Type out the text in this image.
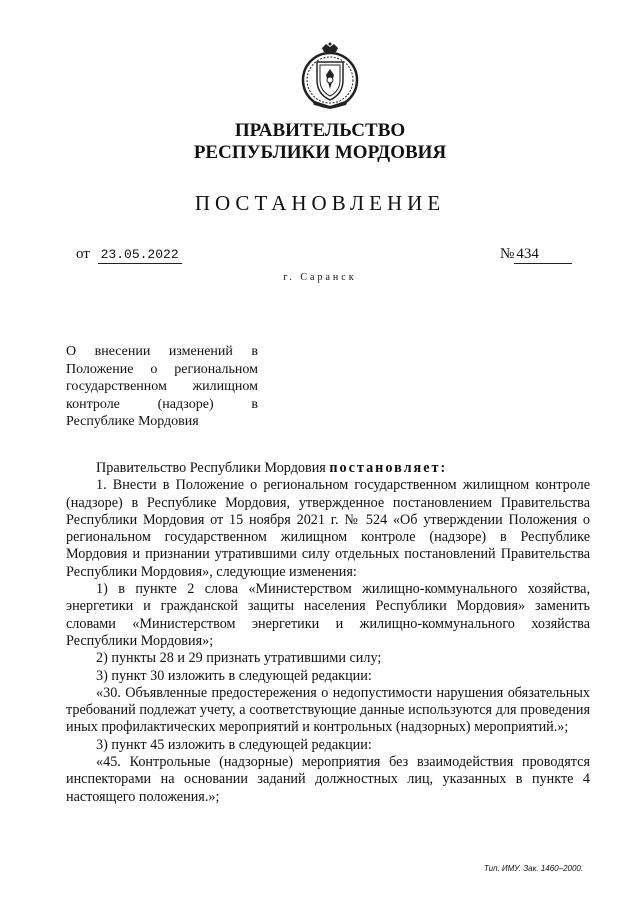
ПРАВИТЕЛЬСТВО
РЕСПУБЛИКИ МОРДОВИЯ
ПОСТАНОВЛЕНИЕ
от 23.05.2022	№ 434
г. Саранск

О внесении изменений в Положение о региональном государственном жилищном контроле (надзоре) в Республике Мордовия

Правительство Республики Мордовия постановляет:

1. Внести в Положение о региональном государственном жилищном контроле (надзоре) в Республике Мордовия, утвержденное постановлением Правительства Республики Мордовия от 15 ноября 2021 г. № 524 «Об утверждении Положения о региональном государственном жилищном контроле (надзоре) в Республике Мордовия и признании утратившими силу отдельных постановлений Правительства Республики Мордовия», следующие изменения:

1) в пункте 2 слова «Министерством жилищно-коммунального хозяйства, энергетики и гражданской защиты населения Республики Мордовия» заменить словами «Министерством энергетики и жилищно-коммунального хозяйства Республики Мордовия»;

2) пункты 28 и 29 признать утратившими силу;

3) пункт 30 изложить в следующей редакции:

«30. Объявленные предостережения о недопустимости нарушения обязательных требований подлежат учету, а соответствующие данные используются для проведения иных профилактических мероприятий и контрольных (надзорных) мероприятий.»;

3) пункт 45 изложить в следующей редакции:

«45. Контрольные (надзорные) мероприятия без взаимодействия проводятся инспекторами на основании заданий должностных лиц, указанных в пункте 4 настоящего положения.»;

Тип. ИМУ. Зак. 1460–2000.
